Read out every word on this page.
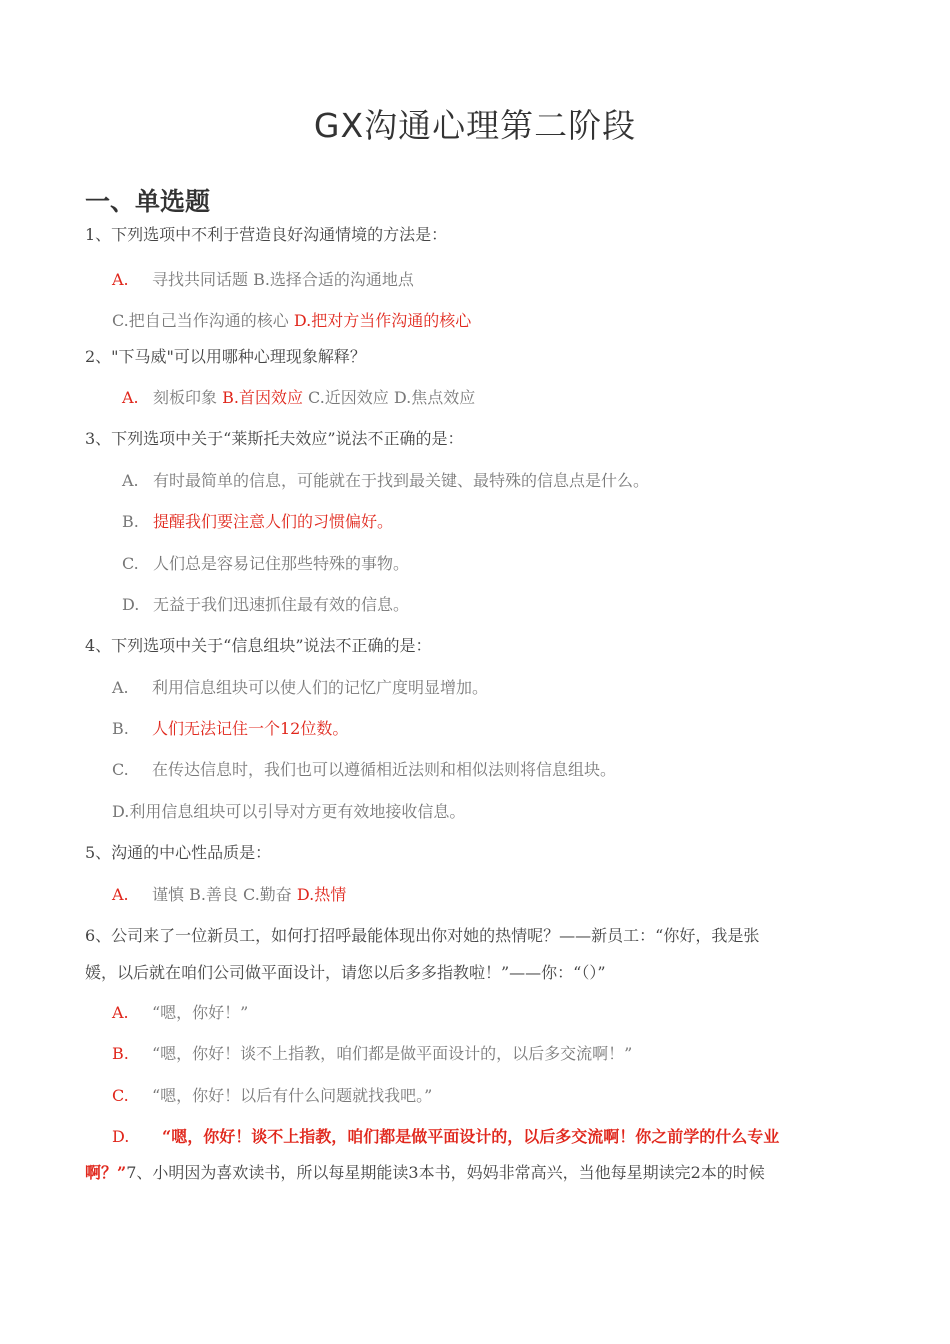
GX沟通心理第二阶段
一、单选题
1、下列选项中不利于营造良好沟通情境的方法是：
A. 寻找共同话题 B.选择合适的沟通地点
C.把自己当作沟通的核心 D.把对方当作沟通的核心
2、"下马威"可以用哪种心理现象解释？
A. 刻板印象 B.首因效应 C.近因效应 D.焦点效应
3、下列选项中关于“莱斯托夫效应”说法不正确的是：
A. 有时最简单的信息，可能就在于找到最关键、最特殊的信息点是什么。
B. 提醒我们要注意人们的习惯偏好。
C. 人们总是容易记住那些特殊的事物。
D. 无益于我们迅速抓住最有效的信息。
4、下列选项中关于“信息组块”说法不正确的是：
A. 利用信息组块可以使人们的记忆广度明显增加。
B. 人们无法记住一个12位数。
C. 在传达信息时，我们也可以遵循相近法则和相似法则将信息组块。
D.利用信息组块可以引导对方更有效地接收信息。
5、沟通的中心性品质是：
A. 谨慎 B.善良 C.勤奋 D.热情
6、公司来了一位新员工，如何打招呼最能体现出你对她的热情呢？——新员工：“你好，我是张
媛，以后就在咱们公司做平面设计，请您以后多多指教啦！”——你：“（）”
A. “嗯，你好！”
B. “嗯，你好！谈不上指教，咱们都是做平面设计的，以后多交流啊！”
C. “嗯，你好！以后有什么问题就找我吧。”
D. “嗯，你好！谈不上指教，咱们都是做平面设计的，以后多交流啊！你之前学的什么专业
啊？”7、小明因为喜欢读书，所以每星期能读3本书，妈妈非常高兴，当他每星期读完2本的时候
